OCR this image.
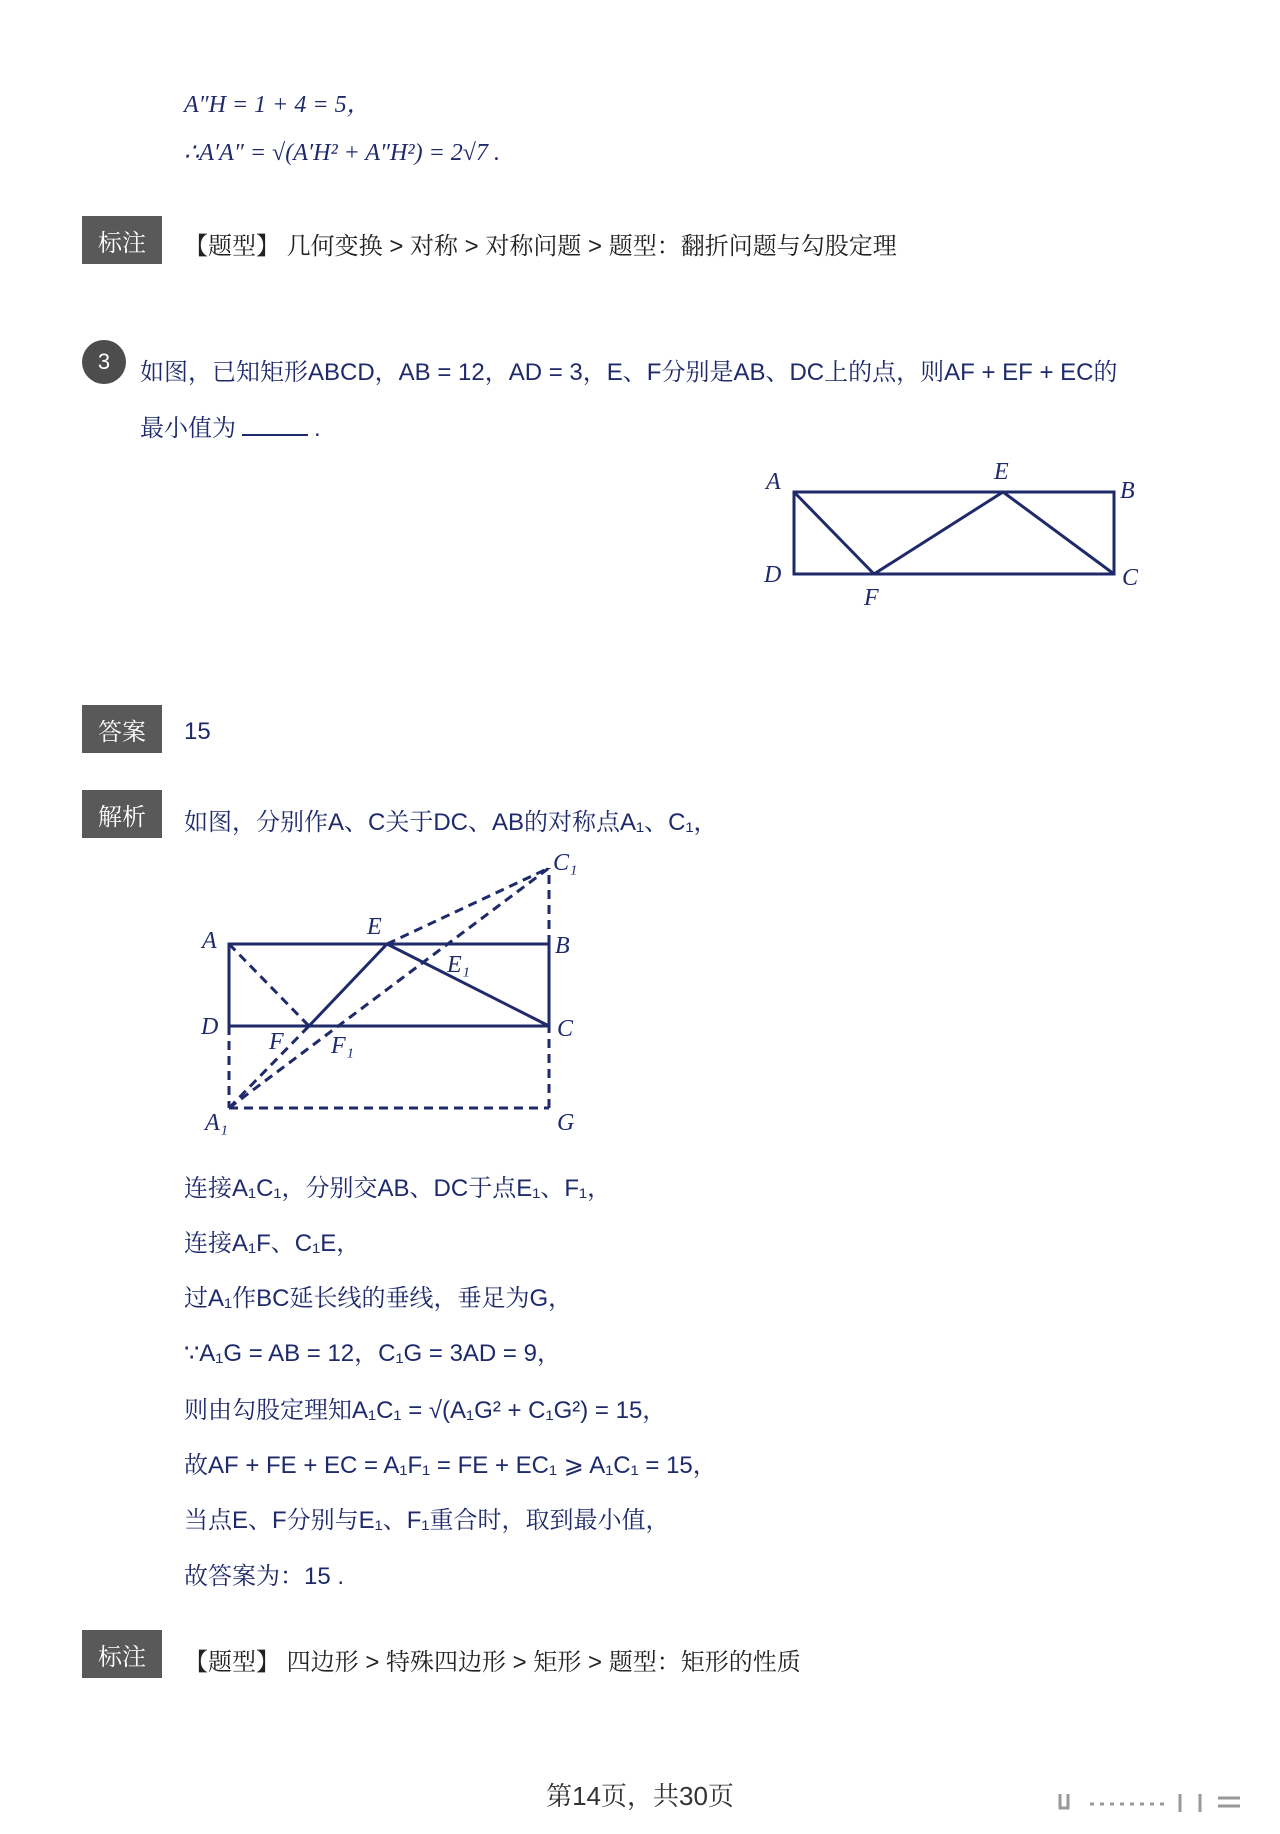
A″H = 1 + 4 = 5，
∴A′A″ = √(A′H² + A″H²) = 2√7 .
标注	【题型】 几何变换 > 对称 > 对称问题 > 题型：翻折问题与勾股定理
3	如图，已知矩形ABCD，AB = 12，AD = 3，E、F分别是AB、DC上的点，则AF + EF + EC的
最小值为	.
A	E
B
D	C
F
答案	15
解析	如图，分别作A、C关于DC、AB的对称点A₁、C₁，
A
E
B
E₁
D	C
F F₁
A₁	G
C₁
连接A₁C₁，分别交AB、DC于点E₁、F₁，
连接A₁F、C₁E，
过A₁作BC延长线的垂线，垂足为G，
∵A₁G = AB = 12，C₁G = 3AD = 9，
则由勾股定理知A₁C₁ = √(A₁G² + C₁G²) = 15，
故AF + FE + EC = A₁F₁ = FE + EC₁ ⩾ A₁C₁ = 15，
当点E、F分别与E₁、F₁重合时，取到最小值，
故答案为：15 .
标注	【题型】 四边形 > 特殊四边形 > 矩形 > 题型：矩形的性质
第14页，共30页
